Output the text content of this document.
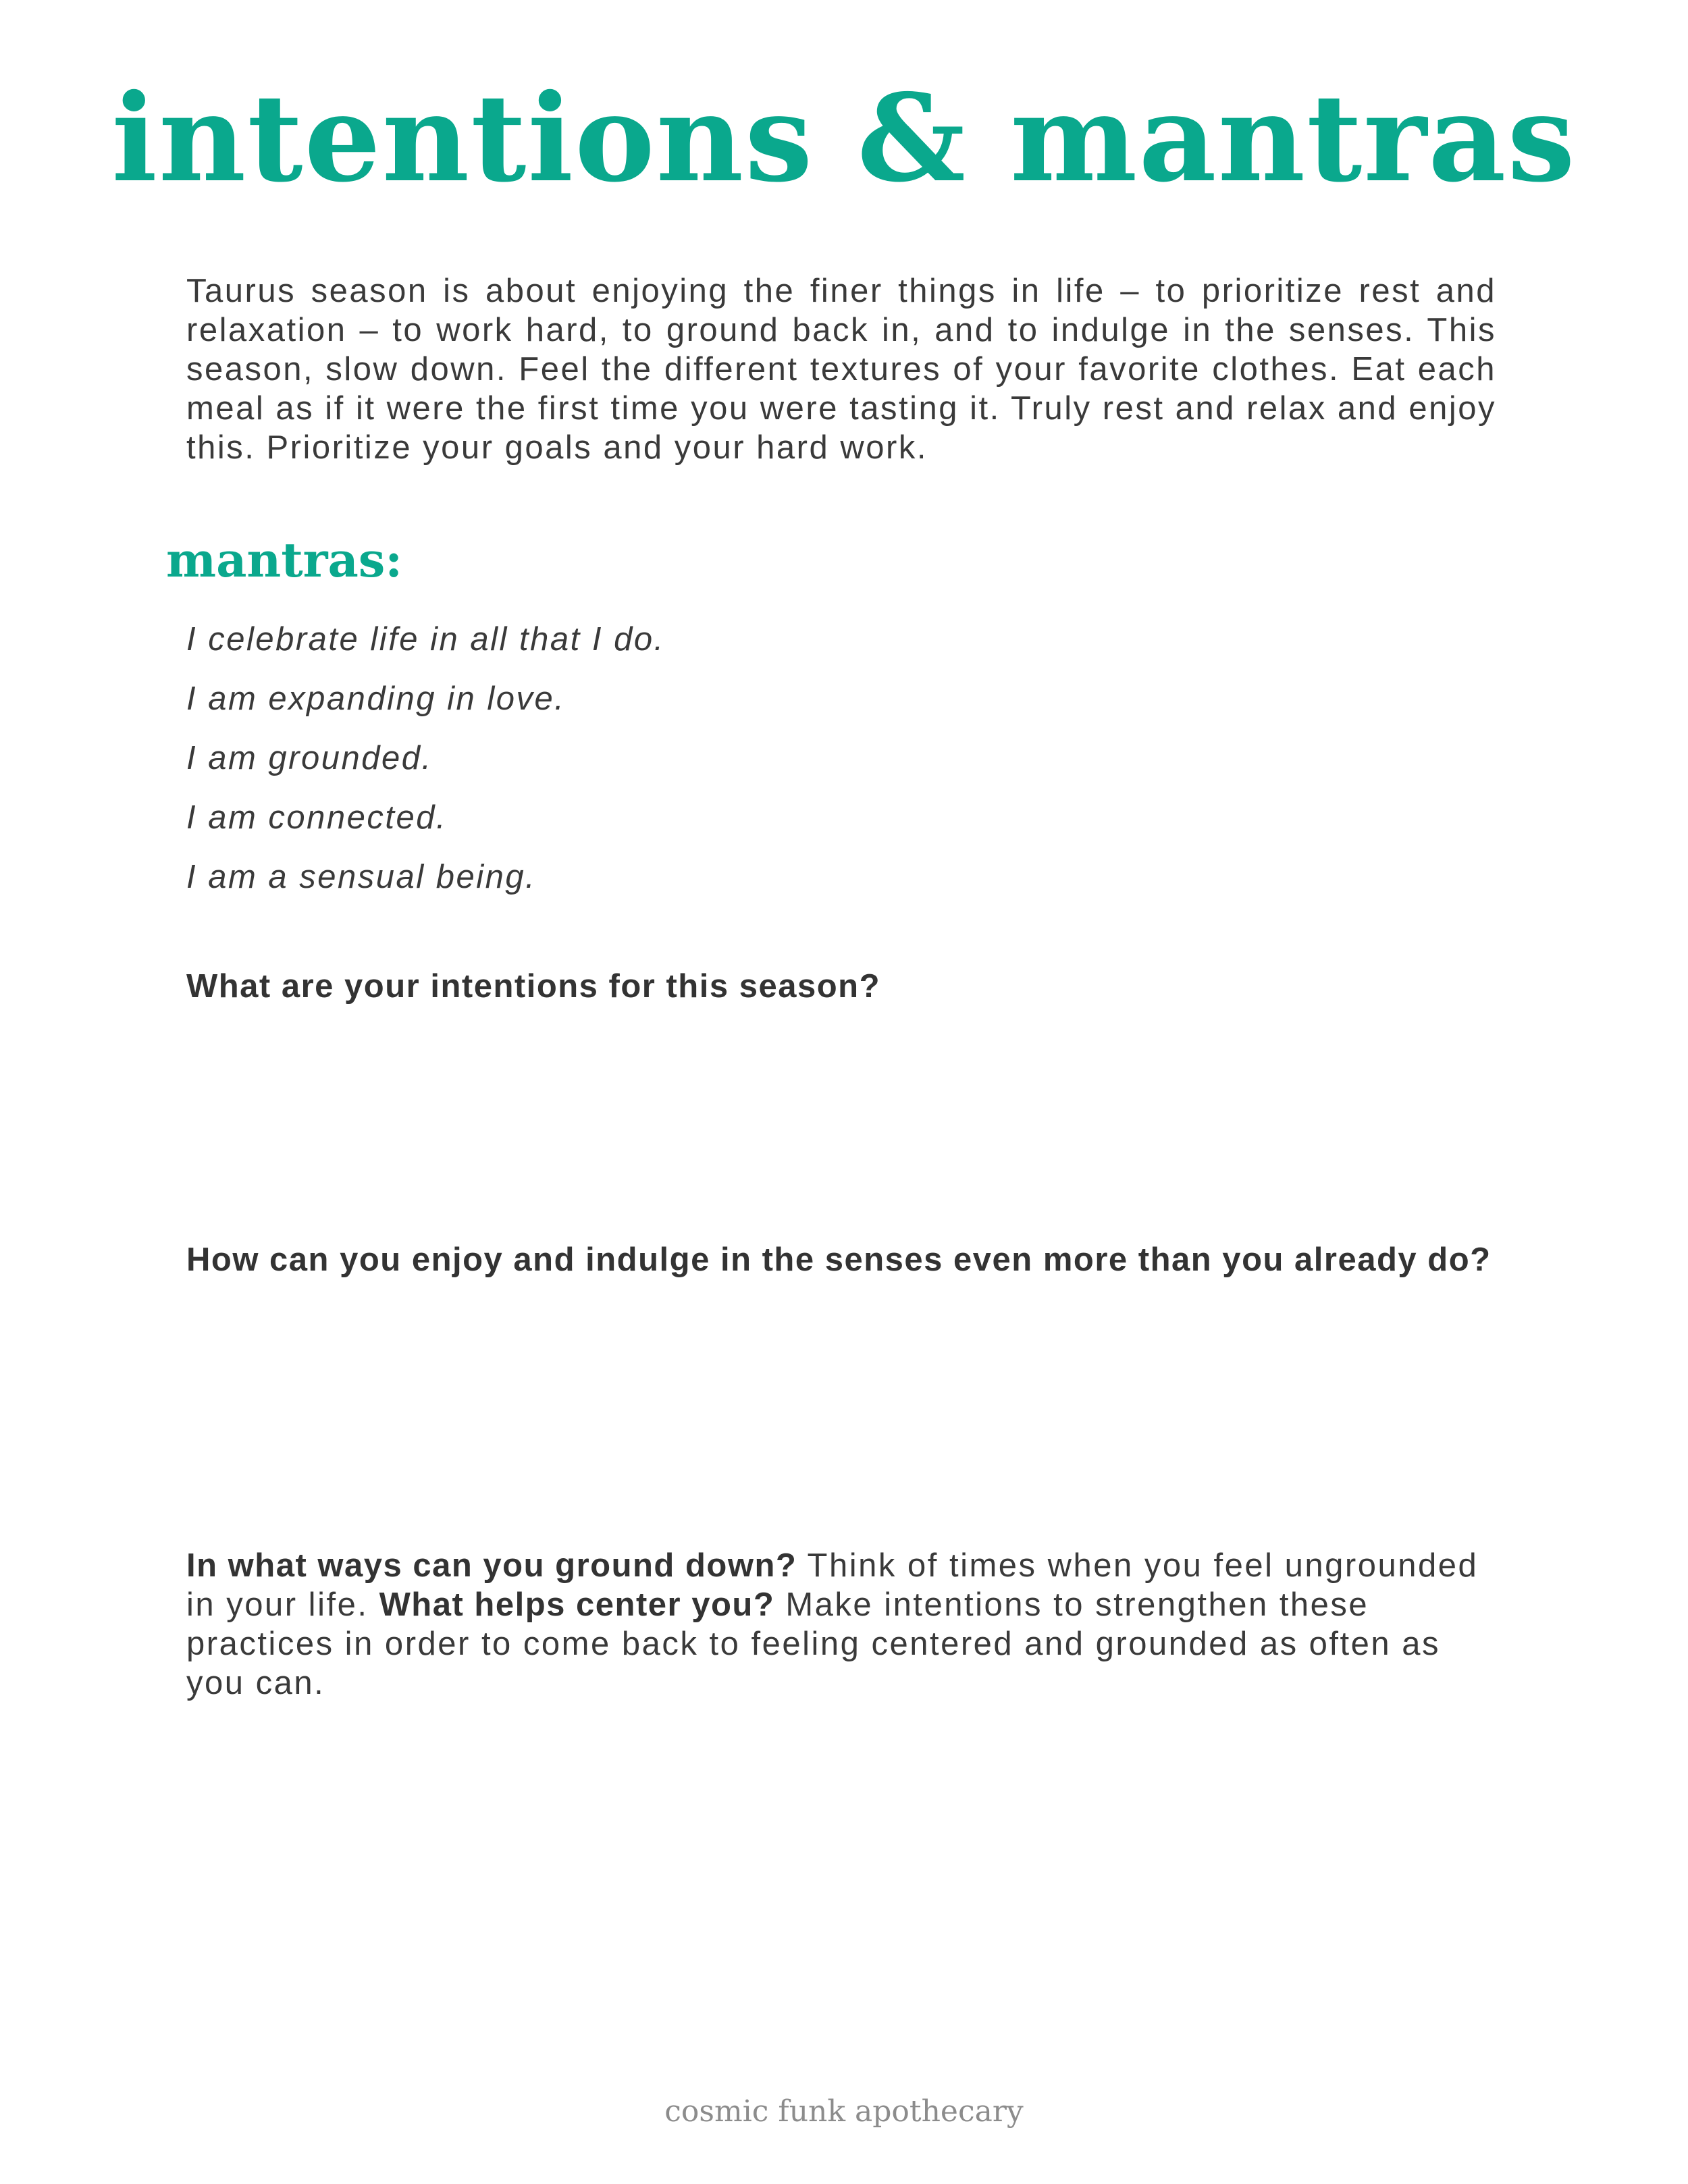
intentions & mantras

Taurus season is about enjoying the finer things in life – to prioritize rest and relaxation – to work hard, to ground back in, and to indulge in the senses. This season, slow down. Feel the different textures of your favorite clothes. Eat each meal as if it were the first time you were tasting it. Truly rest and relax and enjoy this. Prioritize your goals and your hard work.

mantras:
I celebrate life in all that I do.
I am expanding in love.
I am grounded.
I am connected.
I am a sensual being.

What are your intentions for this season?

How can you enjoy and indulge in the senses even more than you already do?

In what ways can you ground down? Think of times when you feel ungrounded in your life. What helps center you? Make intentions to strengthen these practices in order to come back to feeling centered and grounded as often as you can.

cosmic funk apothecary
